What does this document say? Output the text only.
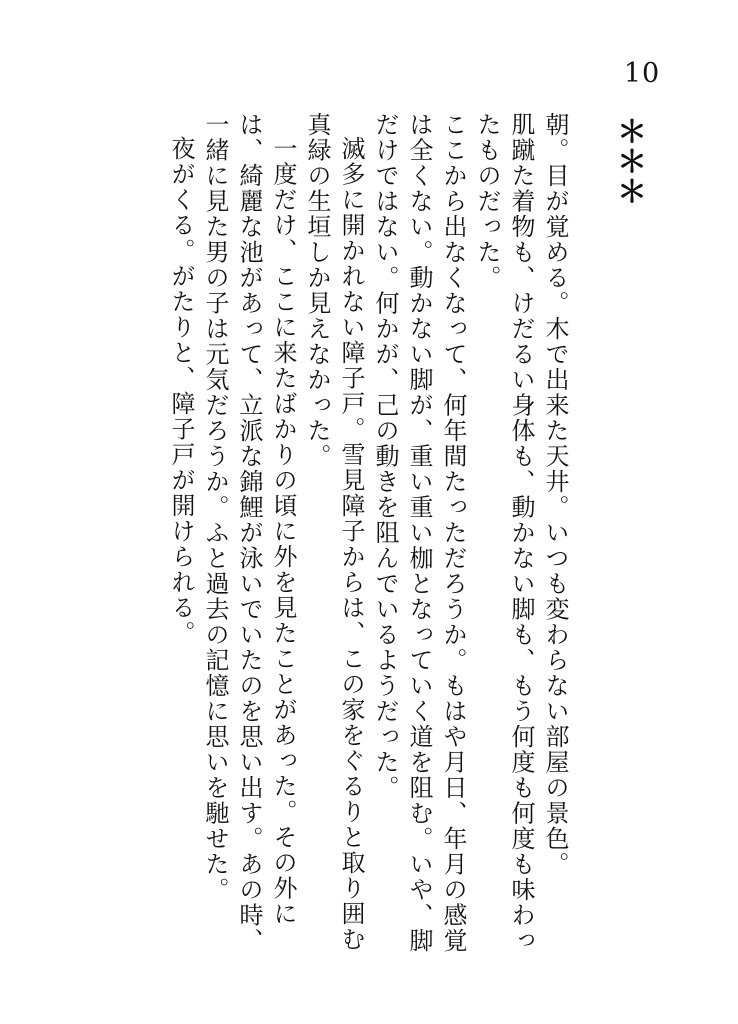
10
＊
＊
＊

朝。目が覚める。木で出来た天井。いつも変わらない部屋の景色。

肌蹴た着物も、けだるい身体も、動かない脚も、もう何度も何度も味わったものだった。

ここから出なくなって、何年間たっただろうか。もはや月日、年月の感覚は全くない。動かない脚が、重い重い枷となっていく道を阻む。いや、脚だけではない。何かが、己の動きを阻んでいるようだった。

滅多に開かれない障子戸。雪見障子からは、この家をぐるりと取り囲む真緑の生垣しか見えなかった。

一度だけ、ここに来たばかりの頃に外を見たことがあった。その外には、綺麗な池があって、立派な錦鯉が泳いでいたのを思い出す。あの時、一緒に見た男の子は元気だろうか。ふと過去の記憶に思いを馳せた。

夜がくる。がたりと、障子戸が開けられる。
